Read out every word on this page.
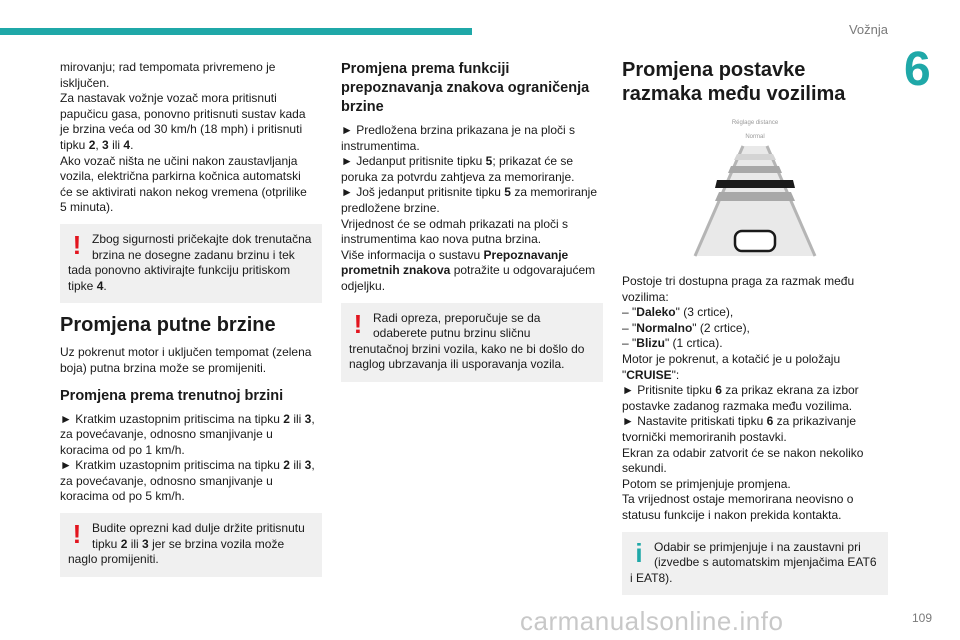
Vožnja
6

mirovanju; rad tempomata privremeno je

isključen.

Za nastavak vožnje vozač mora pritisnuti

papučicu gasa, ponovno pritisnuti sustav kada

je brzina veća od 30 km/h (18 mph) i pritisnuti

tipku 2, 3 ili 4.

Ako vozač ništa ne učini nakon zaustavljanja

vozila, električna parkirna kočnica automatski

će se aktivirati nakon nekog vremena (otprilike

5 minuta).

! Zbog sigurnosti pričekajte dok trenutačna brzina ne dosegne zadanu brzinu i tek tada ponovno aktivirajte funkciju pritiskom tipke 4.

Promjena putne brzine

Uz pokrenut motor i uključen tempomat (zelena boja) putna brzina može se promijeniti.

Promjena prema trenutnoj brzini

► Kratkim uzastopnim pritiscima na tipku 2 ili 3, za povećavanje, odnosno smanjivanje u koracima od po 1 km/h.

► Kratkim uzastopnim pritiscima na tipku 2 ili 3, za povećavanje, odnosno smanjivanje u koracima od po 5 km/h.

! Budite oprezni kad dulje držite pritisnutu tipku 2 ili 3 jer se brzina vozila može naglo promijeniti.

Promjena prema funkciji prepoznavanja znakova ograničenja brzine

► Predložena brzina prikazana je na ploči s instrumentima.

► Jedanput pritisnite tipku 5; prikazat će se poruka za potvrdu zahtjeva za memoriranje.

► Još jedanput pritisnite tipku 5 za memoriranje predložene brzine.

Vrijednost će se odmah prikazati na ploči s instrumentima kao nova putna brzina.

Više informacija o sustavu Prepoznavanje prometnih znakova potražite u odgovarajućem odjeljku.

! Radi opreza, preporučuje se da odaberete putnu brzinu sličnu trenutačnoj brzini vozila, kako ne bi došlo do naglog ubrzavanja ili usporavanja vozila.

Promjena postavke razmaka među vozilima
Réglage distance
Normal

Postoje tri dostupna praga za razmak među vozilima:

– "Daleko" (3 crtice),

– "Normalno" (2 crtice),

– "Blizu" (1 crtica).

Motor je pokrenut, a kotačić je u položaju

"CRUISE":

► Pritisnite tipku 6 za prikaz ekrana za izbor postavke zadanog razmaka među vozilima.

► Nastavite pritiskati tipku 6 za prikazivanje tvornički memoriranih postavki.

Ekran za odabir zatvorit će se nakon nekoliko sekundi.

Potom se primjenjuje promjena.

Ta vrijednost ostaje memorirana neovisno o statusu funkcije i nakon prekida kontakta.

i Odabir se primjenjuje i na zaustavni pri (izvedbe s automatskim mjenjačima EAT6 i EAT8).

carmanualsonline.info	109
